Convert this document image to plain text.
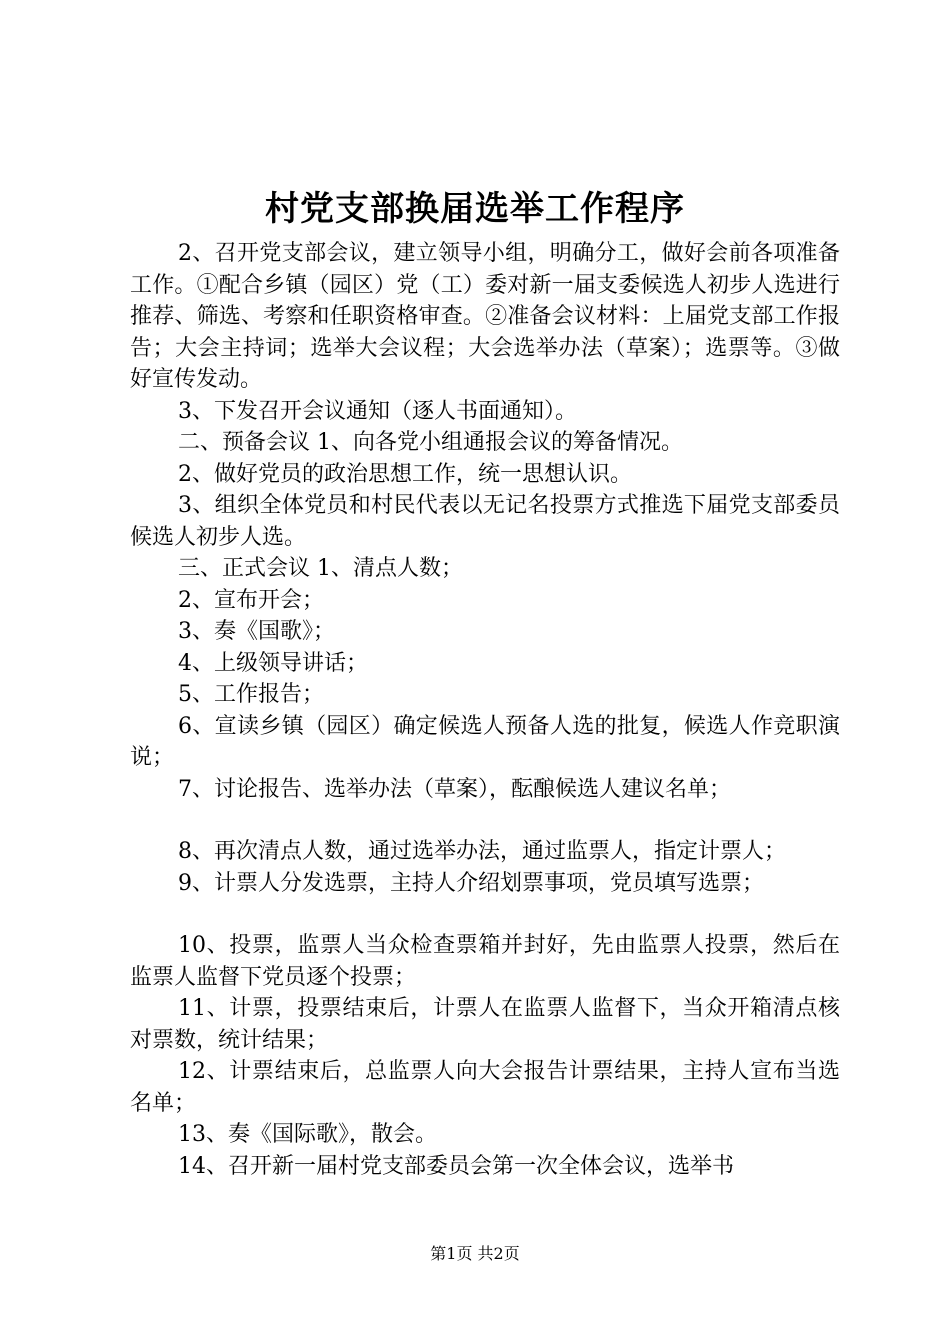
村党支部换届选举工作程序

2、召开党支部会议，建立领导小组，明确分工，做好会前各项准备工作。①配合乡镇（园区）党（工）委对新一届支委候选人初步人选进行推荐、筛选、考察和任职资格审查。②准备会议材料：上届党支部工作报告；大会主持词；选举大会议程；大会选举办法（草案）；选票等。③做好宣传发动。

3、下发召开会议通知（逐人书面通知）。

二、预备会议 1、向各党小组通报会议的筹备情况。

2、做好党员的政治思想工作，统一思想认识。

3、组织全体党员和村民代表以无记名投票方式推选下届党支部委员候选人初步人选。

三、正式会议 1、清点人数；

2、宣布开会；

3、奏《国歌》；

4、上级领导讲话；

5、工作报告；

6、宣读乡镇（园区）确定候选人预备人选的批复，候选人作竞职演说；

7、讨论报告、选举办法（草案），酝酿候选人建议名单；

8、再次清点人数，通过选举办法，通过监票人，指定计票人；

9、计票人分发选票，主持人介绍划票事项，党员填写选票；

10、投票，监票人当众检查票箱并封好，先由监票人投票，然后在监票人监督下党员逐个投票；

11、计票，投票结束后，计票人在监票人监督下，当众开箱清点核对票数，统计结果；

12、计票结束后，总监票人向大会报告计票结果，主持人宣布当选名单；

13、奏《国际歌》，散会。

14、召开新一届村党支部委员会第一次全体会议，选举书

第1页 共2页
